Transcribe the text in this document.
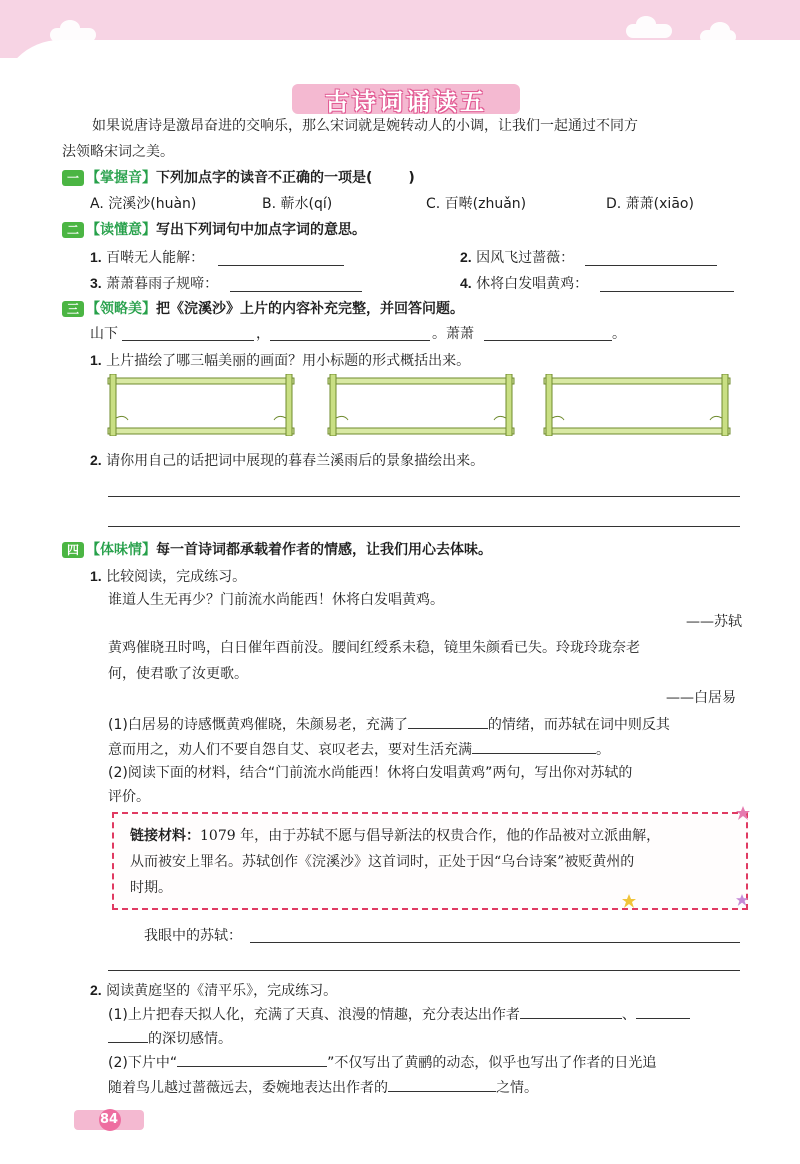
古诗词诵读五
如果说唐诗是激昂奋进的交响乐，那么宋词就是婉转动人的小调，让我们一起通过不同方
法领略宋词之美。
一 【掌握音】下列加点字的读音不正确的一项是(	)
A. 浣溪沙(huàn)	B. 蕲水(qí)	C. 百啭(zhuǎn)	D. 萧萧(xiāo)
二 【读懂意】写出下列词句中加点字词的意思。
1. 百啭无人能解：	2. 因风飞过蔷薇：
3. 萧萧暮雨子规啼：	4. 休将白发唱黄鸡：
三 【领略美】把《浣溪沙》上片的内容补充完整，并回答问题。
山下	，	。萧萧	。
1. 上片描绘了哪三幅美丽的画面？用小标题的形式概括出来。
2. 请你用自己的话把词中展现的暮春兰溪雨后的景象描绘出来。
四 【体味情】每一首诗词都承载着作者的情感，让我们用心去体味。
1. 比较阅读，完成练习。
谁道人生无再少？门前流水尚能西！休将白发唱黄鸡。
——苏轼
黄鸡催晓丑时鸣，白日催年酉前没。腰间红绶系未稳，镜里朱颜看已失。玲珑玲珑奈老
何，使君歌了汝更歌。
——白居易
(1)白居易的诗感慨黄鸡催晓，朱颜易老，充满了	的情绪，而苏轼在词中则反其
意而用之，劝人们不要自怨自艾、哀叹老去，要对生活充满	。
(2)阅读下面的材料，结合“门前流水尚能西！休将白发唱黄鸡”两句，写出你对苏轼的
评价。
链接材料：1079 年，由于苏轼不愿与倡导新法的权贵合作，他的作品被对立派曲解，
从而被安上罪名。苏轼创作《浣溪沙》这首词时，正处于因“乌台诗案”被贬黄州的
时期。
我眼中的苏轼：
2. 阅读黄庭坚的《清平乐》，完成练习。
(1)上片把春天拟人化，充满了天真、浪漫的情趣，充分表达出作者	、
的深切感情。
(2)下片中“	”不仅写出了黄鹂的动态，似乎也写出了作者的日光追
随着鸟儿越过蔷薇远去，委婉地表达出作者的	之情。
84
